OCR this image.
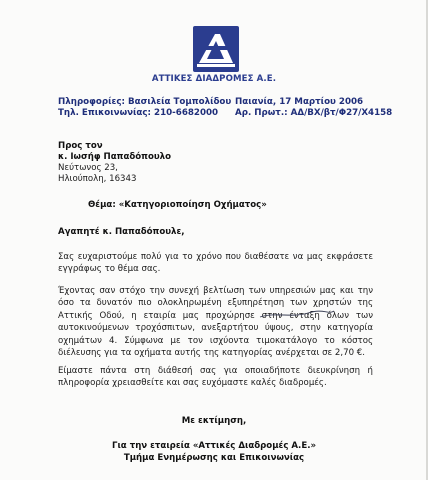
ΑΤΤΙΚΕΣ ΔΙΑΔΡΟΜΕΣ Α.Ε.
Πληροφορίες: Βασιλεία Τομπολίδου
Τηλ. Επικοινωνίας: 210-6682000
Παιανία, 17 Μαρτίου 2006
Αρ. Πρωτ.: ΑΔ/ΒΧ/βτ/Φ27/Χ4158
Προς τον
κ. Ιωσήφ Παπαδόπουλο
Νεύτωνος 23,
Ηλιούπολη, 16343
Θέμα: «Κατηγοριοποίηση Οχήματος»
Αγαπητέ κ. Παπαδόπουλε,
Σας ευχαριστούμε πολύ για το χρόνο που διαθέσατε να μας εκφράσετε εγγράφως το θέμα σας.
Έχοντας σαν στόχο την συνεχή βελτίωση των υπηρεσιών μας και την όσο τα δυνατόν πιο ολοκληρωμένη εξυπηρέτηση των χρηστών της Αττικής Οδού, η εταιρία μας προχώρησε στην ένταξη όλων των αυτοκινούμενων τροχόσπιτων, ανεξαρτήτου ύψους, στην κατηγορία οχημάτων 4. Σύμφωνα με τον ισχύοντα τιμοκατάλογο το κόστος διέλευσης για τα οχήματα αυτής της κατηγορίας ανέρχεται σε 2,70 €.
Είμαστε πάντα στη διάθεσή σας για οποιαδήποτε διευκρίνηση ή πληροφορία χρειασθείτε και σας ευχόμαστε καλές διαδρομές.
Με εκτίμηση,
Για την εταιρεία «Αττικές Διαδρομές Α.Ε.»
Τμήμα Ενημέρωσης και Επικοινωνίας
